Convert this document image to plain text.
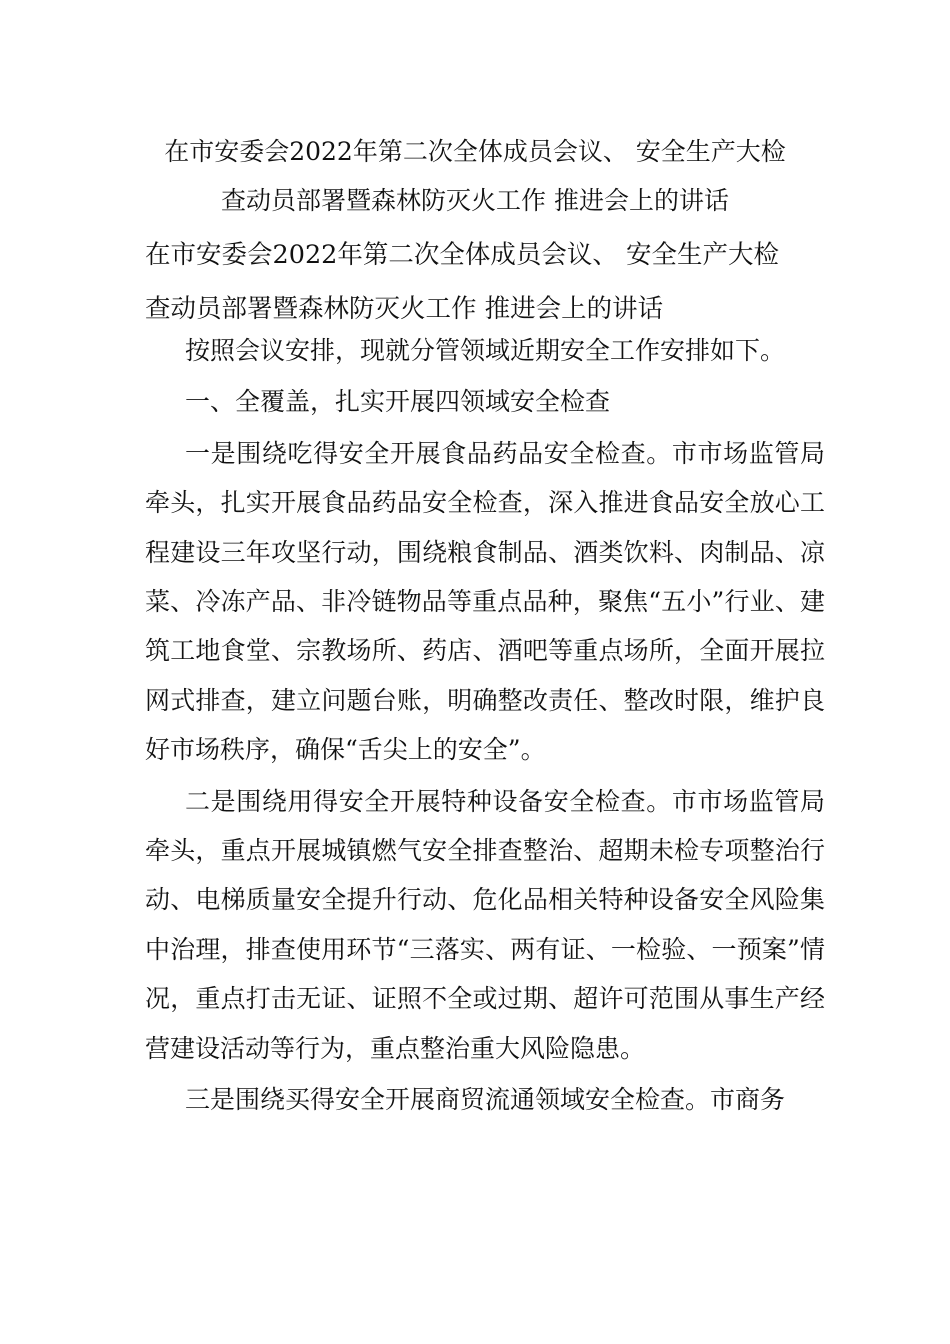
在市安委会2022年第二次全体成员会议、 安全生产大检
查动员部署暨森林防灭火工作 推进会上的讲话

在市安委会2022年第二次全体成员会议、 安全生产大检

查动员部署暨森林防灭火工作 推进会上的讲话

按照会议安排，现就分管领域近期安全工作安排如下。

一、全覆盖，扎实开展四领域安全检查

一是围绕吃得安全开展食品药品安全检查。市市场监管局牵头，扎实开展食品药品安全检查，深入推进食品安全放心工程建设三年攻坚行动，围绕粮食制品、酒类饮料、肉制品、凉菜、冷冻产品、非冷链物品等重点品种，聚焦“五小”行业、建筑工地食堂、宗教场所、药店、酒吧等重点场所，全面开展拉网式排查，建立问题台账，明确整改责任、整改时限，维护良好市场秩序，确保“舌尖上的安全”。

二是围绕用得安全开展特种设备安全检查。市市场监管局牵头，重点开展城镇燃气安全排查整治、超期未检专项整治行动、电梯质量安全提升行动、危化品相关特种设备安全风险集中治理，排查使用环节“三落实、两有证、一检验、一预案”情况，重点打击无证、证照不全或过期、超许可范围从事生产经营建设活动等行为，重点整治重大风险隐患。

三是围绕买得安全开展商贸流通领域安全检查。市商务
